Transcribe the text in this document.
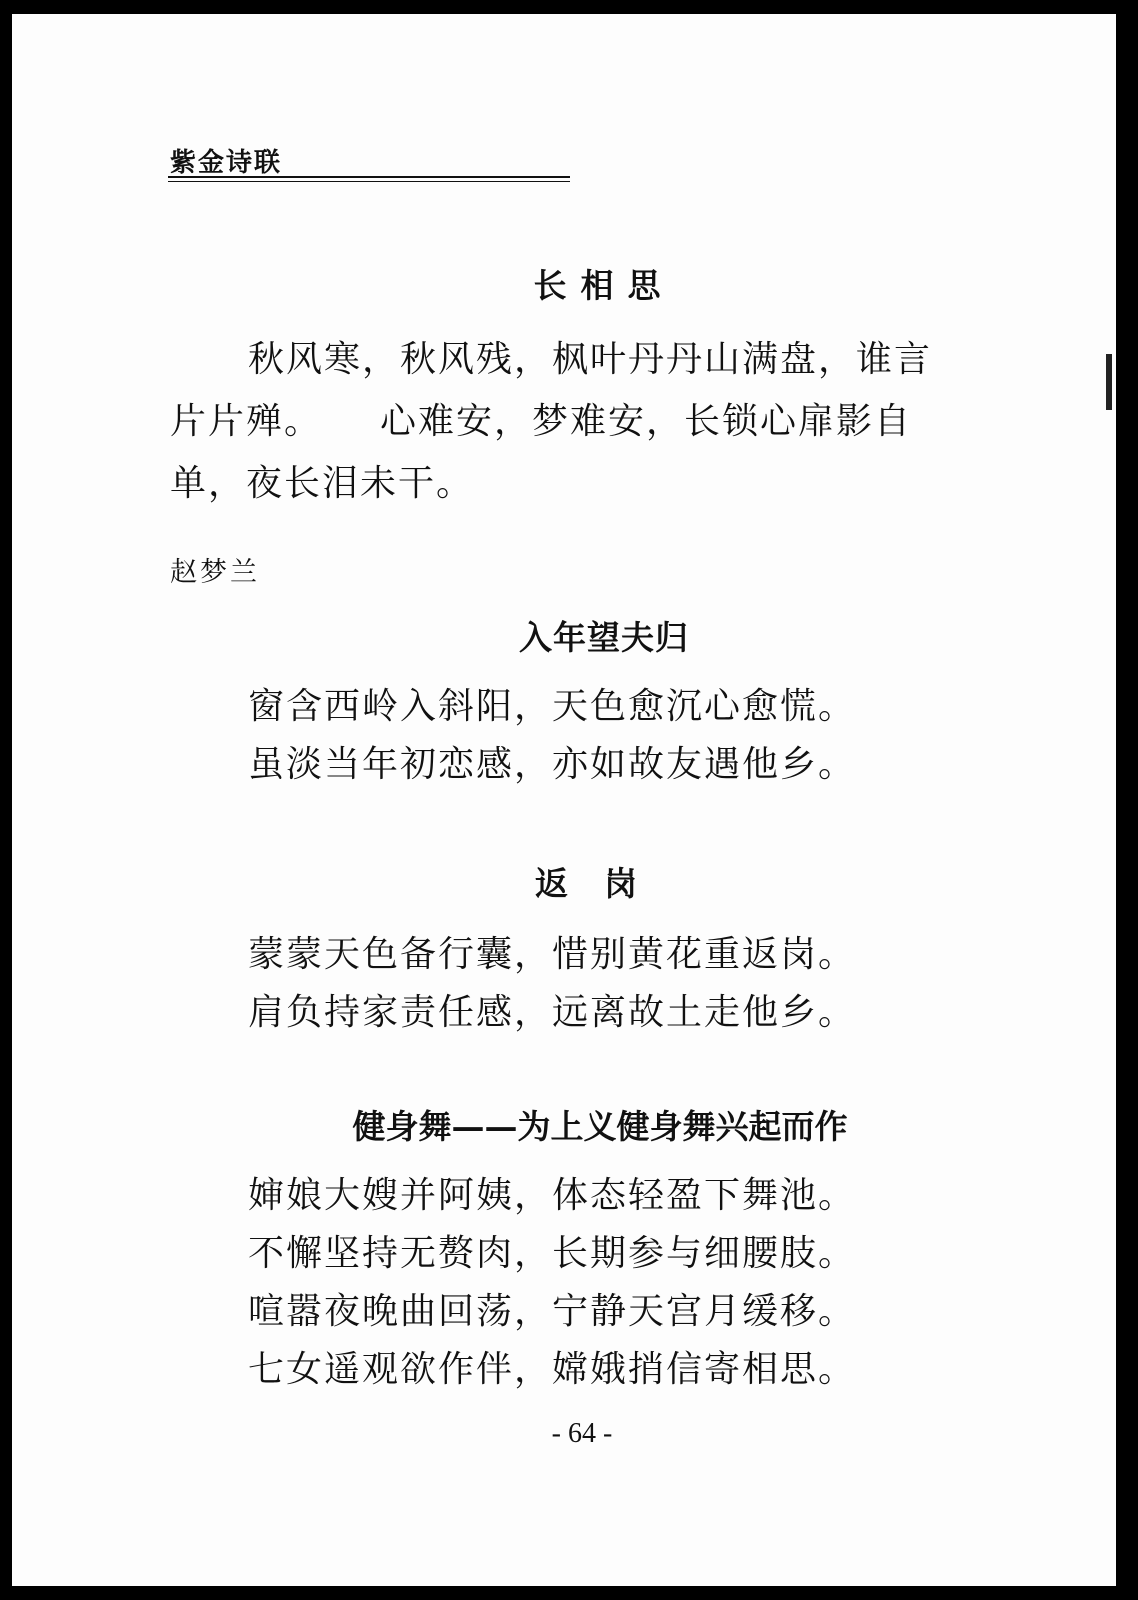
紫金诗联
长相思

秋风寒，秋风残，枫叶丹丹山满盘，谁言片片殚。　　心难安，梦难安，长锁心扉影自单，夜长泪未干。

赵梦兰

入年望夫归
窗含西岭入斜阳，天色愈沉心愈慌。
虽淡当年初恋感，亦如故友遇他乡。
返岗
蒙蒙天色备行囊，惜别黄花重返岗。
肩负持家责任感，远离故土走他乡。
健身舞——为上义健身舞兴起而作
婶娘大嫂并阿姨，体态轻盈下舞池。
不懈坚持无赘肉，长期参与细腰肢。
喧嚣夜晚曲回荡，宁静天宫月缓移。
七女遥观欲作伴，嫦娥捎信寄相思。
- 64 -
